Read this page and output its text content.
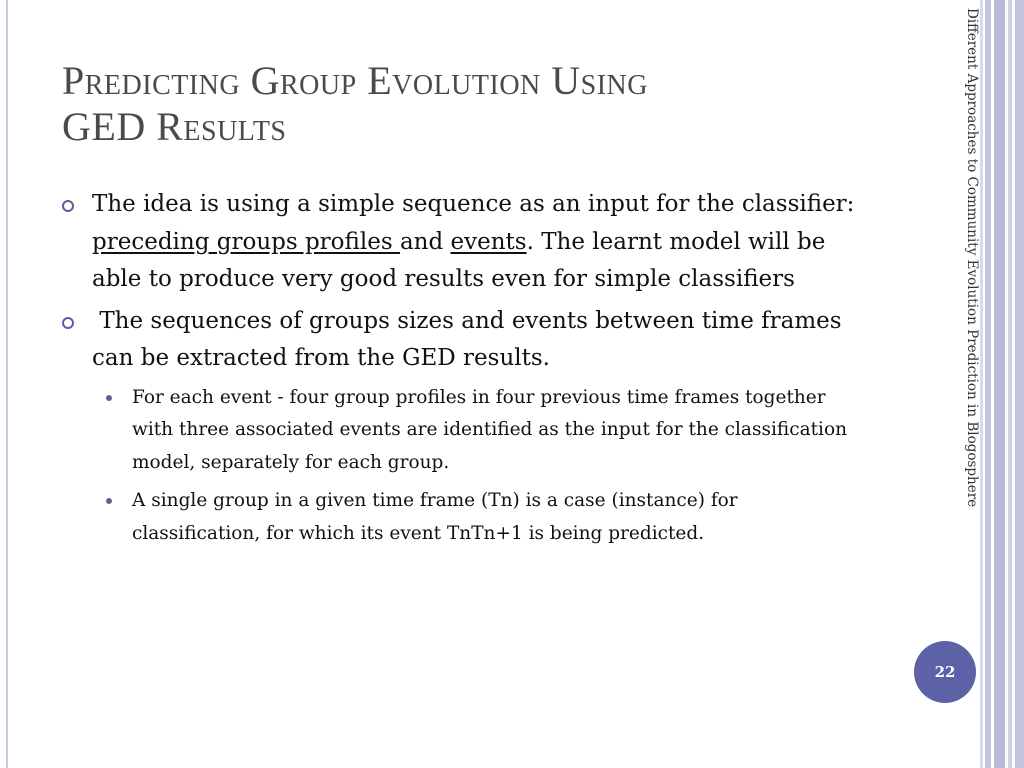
Predicting Group Evolution Using
GED Results
The idea is using a simple sequence as an input for the classifier: preceding groups profiles and events. The learnt model will be able to produce very good results even for simple classifiers
The sequences of groups sizes and events between time frames can be extracted from the GED results.
For each event - four group profiles in four previous time frames together with three associated events are identified as the input for the classification model, separately for each group.
A single group in a given time frame (Tn) is a case (instance) for classification, for which its event TnTn+1 is being predicted.
Different Approaches to Community Evolution Prediction in Blogosphere
22
